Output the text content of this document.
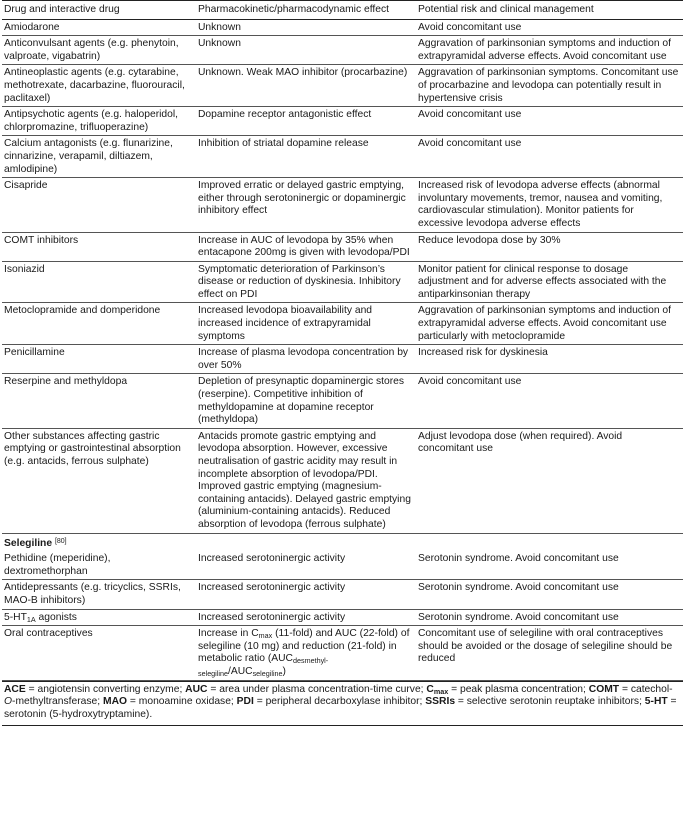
Drug and interactive drug	Pharmacokinetic/pharmacodynamic effect	Potential risk and clinical management
Amiodarone	Unknown	Avoid concomitant use
Anticonvulsant agents (e.g. phenytoin, valproate, vigabatrin)	Unknown	Aggravation of parkinsonian symptoms and induction of extrapyramidal adverse effects. Avoid concomitant use
Antineoplastic agents (e.g. cytarabine, methotrexate, dacarbazine, fluorouracil, paclitaxel)	Unknown. Weak MAO inhibitor (procarbazine)	Aggravation of parkinsonian symptoms. Concomitant use of procarbazine and levodopa can potentially result in hypertensive crisis
Antipsychotic agents (e.g. haloperidol, chlorpromazine, trifluoperazine)	Dopamine receptor antagonistic effect	Avoid concomitant use
Calcium antagonists (e.g. flunarizine, cinnarizine, verapamil, diltiazem, amlodipine)	Inhibition of striatal dopamine release	Avoid concomitant use
Cisapride	Improved erratic or delayed gastric emptying, either through serotoninergic or dopaminergic inhibitory effect	Increased risk of levodopa adverse effects (abnormal involuntary movements, tremor, nausea and vomiting, cardiovascular stimulation). Monitor patients for excessive levodopa adverse effects
COMT inhibitors	Increase in AUC of levodopa by 35% when entacapone 200mg is given with levodopa/PDI	Reduce levodopa dose by 30%
Isoniazid	Symptomatic deterioration of Parkinson’s disease or reduction of dyskinesia. Inhibitory effect on PDI	Monitor patient for clinical response to dosage adjustment and for adverse effects associated with the antiparkinsonian therapy
Metoclopramide and domperidone	Increased levodopa bioavailability and increased incidence of extrapyramidal symptoms	Aggravation of parkinsonian symptoms and induction of extrapyramidal adverse effects. Avoid concomitant use particularly with metoclopramide
Penicillamine	Increase of plasma levodopa concentration by over 50%	Increased risk for dyskinesia
Reserpine and methyldopa	Depletion of presynaptic dopaminergic stores (reserpine). Competitive inhibition of methyldopamine at dopamine receptor (methyldopa)	Avoid concomitant use
Other substances affecting gastric emptying or gastrointestinal absorption (e.g. antacids, ferrous sulphate)	Antacids promote gastric emptying and levodopa absorption. However, excessive neutralisation of gastric acidity may result in incomplete absorption of levodopa/PDI. Improved gastric emptying (magnesium-containing antacids). Delayed gastric emptying (aluminium-containing antacids). Reduced absorption of levodopa (ferrous sulphate)	Adjust levodopa dose (when required). Avoid concomitant use
Selegiline [80]
Pethidine (meperidine), dextromethorphan	Increased serotoninergic activity	Serotonin syndrome. Avoid concomitant use
Antidepressants (e.g. tricyclics, SSRIs, MAO-B inhibitors)	Increased serotoninergic activity	Serotonin syndrome. Avoid concomitant use
$5-HT_{1A}$ agonists	Increased serotoninergic activity	Serotonin syndrome. Avoid concomitant use
Oral contraceptives	Increase in $C_{max}$ (11-fold) and AUC (22-fold) of selegiline (10 mg) and reduction (21-fold) in metabolic ratio $(AUC_{desmethyl-selegiline}/AUC_{selegiline})$	Concomitant use of selegiline with oral contraceptives should be avoided or the dosage of selegiline should be reduced
ACE = angiotensin converting enzyme; AUC = area under plasma concentration-time curve; Cmax = peak plasma concentration; COMT = catechol-O-methyltransferase; MAO = monoamine oxidase; PDI = peripheral decarboxylase inhibitor; SSRIs = selective serotonin reuptake inhibitors; 5-HT = serotonin (5-hydroxytryptamine).
